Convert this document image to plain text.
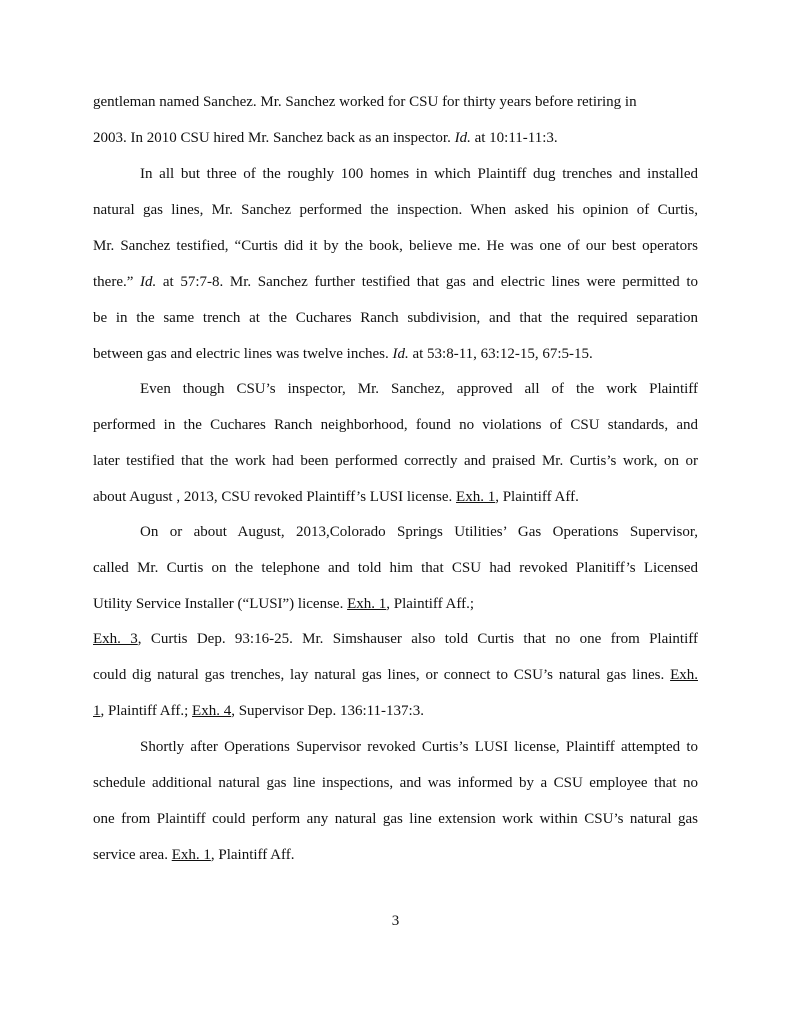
gentleman named Sanchez. Mr. Sanchez worked for CSU for thirty years before retiring in
2003. In 2010 CSU hired Mr. Sanchez back as an inspector. Id. at 10:11-11:3.
In all but three of the roughly 100 homes in which Plaintiff dug trenches and installed
natural gas lines, Mr. Sanchez performed the inspection. When asked his opinion of Curtis,
Mr. Sanchez testified, “Curtis did it by the book, believe me. He was one of our best operators
there.” Id. at 57:7-8. Mr. Sanchez further testified that gas and electric lines were permitted to
be in the same trench at the Cuchares Ranch subdivision, and that the required separation
between gas and electric lines was twelve inches. Id. at 53:8-11, 63:12-15, 67:5-15.
Even though CSU’s inspector, Mr. Sanchez, approved all of the work Plaintiff
performed in the Cuchares Ranch neighborhood, found no violations of CSU standards, and
later testified that the work had been performed correctly and praised Mr. Curtis’s work, on or
about August , 2013, CSU revoked Plaintiff’s LUSI license. Exh. 1, Plaintiff Aff.
On or about August, 2013,Colorado Springs Utilities’ Gas Operations Supervisor,
called Mr. Curtis on the telephone and told him that CSU had revoked Planitiff’s Licensed
Utility Service Installer (“LUSI”) license. Exh. 1, Plaintiff Aff.;
Exh. 3, Curtis Dep. 93:16-25. Mr. Simshauser also told Curtis that no one from Plaintiff
could dig natural gas trenches, lay natural gas lines, or connect to CSU’s natural gas lines. Exh.
1, Plaintiff Aff.; Exh. 4, Supervisor Dep. 136:11-137:3.
Shortly after Operations Supervisor revoked Curtis’s LUSI license, Plaintiff attempted to
schedule additional natural gas line inspections, and was informed by a CSU employee that no
one from Plaintiff could perform any natural gas line extension work within CSU’s natural gas
service area. Exh. 1, Plaintiff Aff.
3
